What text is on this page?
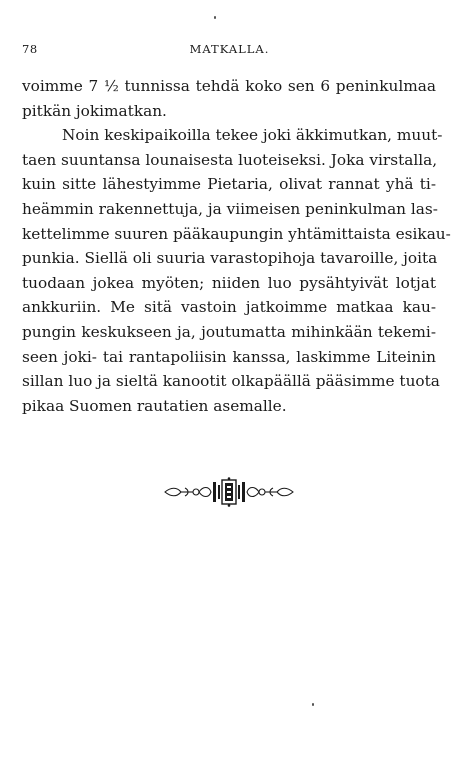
78	MATKALLA.
voimme 7 ½ tunnissa tehdä koko sen 6 peninkulmaa
pitkän jokimatkan.
Noin keskipaikoilla tekee joki äkkimutkan, muut-
taen suuntansa lounaisesta luoteiseksi. Joka virstalla,
kuin sitte lähestyimme Pietaria, olivat rannat yhä ti-
heämmin rakennettuja, ja viimeisen peninkulman las-
kettelimme suuren pääkaupungin yhtämittaista esikau-
punkia. Siellä oli suuria varastopihoja tavaroille, joita
tuodaan jokea myöten; niiden luo pysähtyivät lotjat
ankkuriin. Me sitä vastoin jatkoimme matkaa kau-
pungin keskukseen ja, joutumatta mihinkään tekemi-
seen joki- tai rantapoliisin kanssa, laskimme Liteinin
sillan luo ja sieltä kanootit olkapäällä pääsimme tuota
pikaa Suomen rautatien asemalle.
